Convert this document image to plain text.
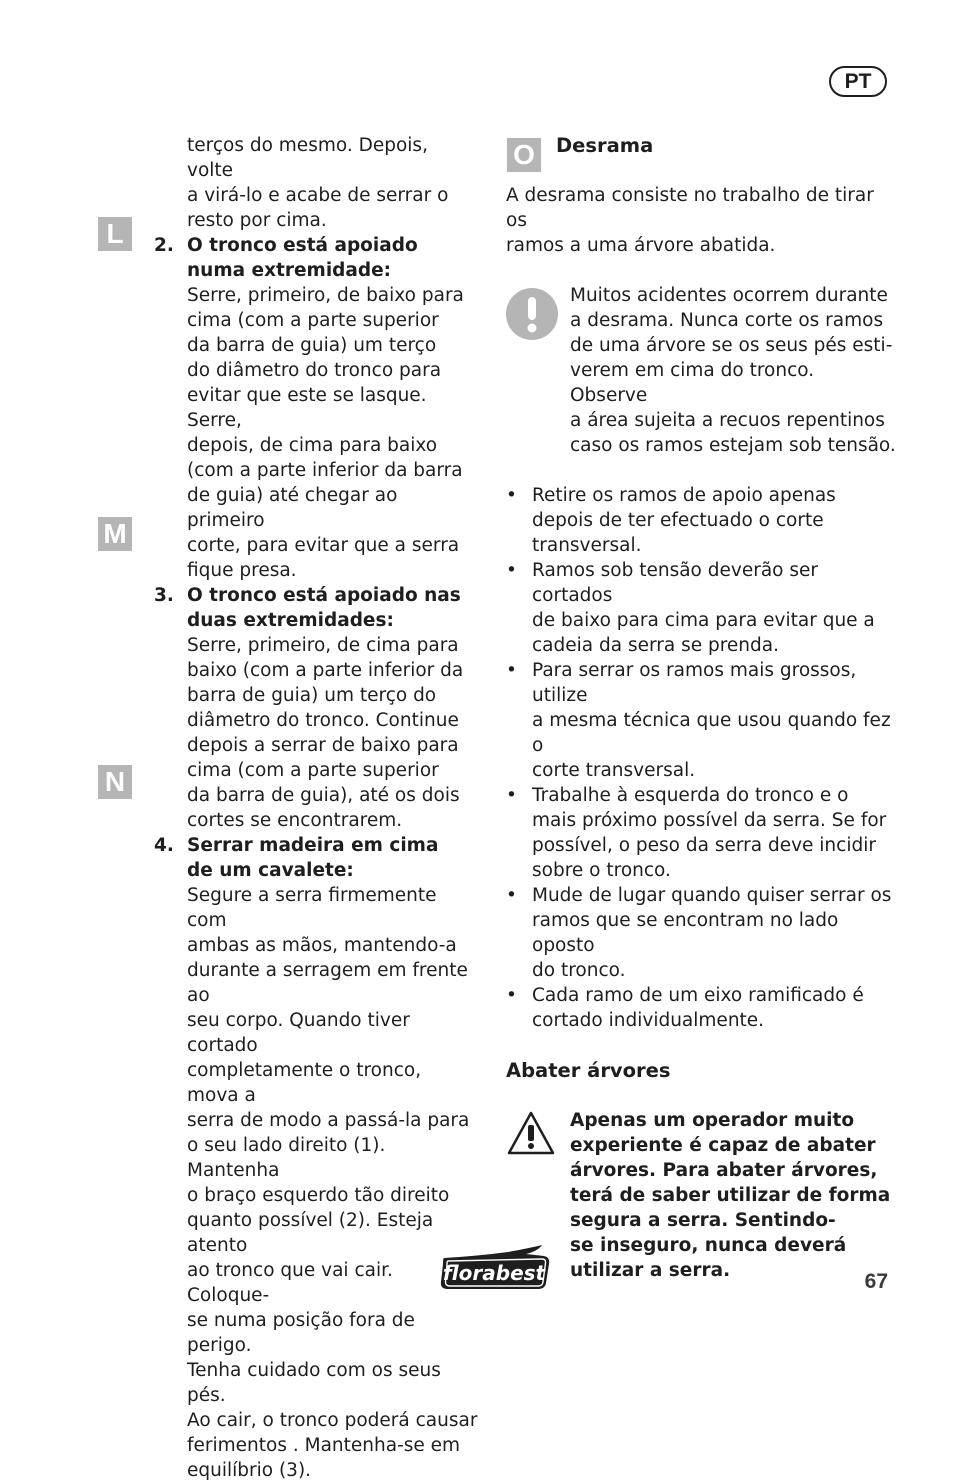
PT
L
M
N
O

terços do mesmo. Depois, volte

a virá-lo e acabe de serrar o

resto por cima.

2. O tronco está apoiado

numa extremidade:

Serre, primeiro, de baixo para

cima (com a parte superior

da barra de guia) um terço

do diâmetro do tronco para

evitar que este se lasque. Serre,

depois, de cima para baixo

(com a parte inferior da barra

de guia) até chegar ao primeiro

corte, para evitar que a serra

fique presa.

3. O tronco está apoiado nas

duas extremidades:

Serre, primeiro, de cima para

baixo (com a parte inferior da

barra de guia) um terço do

diâmetro do tronco. Continue

depois a serrar de baixo para

cima (com a parte superior

da barra de guia), até os dois

cortes se encontrarem.

4. Serrar madeira em cima

de um cavalete:

Segure a serra firmemente com

ambas as mãos, mantendo-a

durante a serragem em frente ao

seu corpo. Quando tiver cortado

completamente o tronco, mova a

serra de modo a passá-la para

o seu lado direito (1). Mantenha

o braço esquerdo tão direito

quanto possível (2). Esteja atento

ao tronco que vai cair. Coloque-

se numa posição fora de perigo.

Tenha cuidado com os seus pés.

Ao cair, o tronco poderá causar

ferimentos . Mantenha-se em

equilíbrio (3).

Desrama

A desrama consiste no trabalho de tirar os

ramos a uma árvore abatida.

Muitos acidentes ocorrem durante

a desrama. Nunca corte os ramos

de uma árvore se os seus pés esti-

verem em cima do tronco. Observe

a área sujeita a recuos repentinos

caso os ramos estejam sob tensão.

• Retire os ramos de apoio apenas

depois de ter efectuado o corte

transversal.

• Ramos sob tensão deverão ser cortados

de baixo para cima para evitar que a

cadeia da serra se prenda.

• Para serrar os ramos mais grossos, utilize

a mesma técnica que usou quando fez o

corte transversal.

• Trabalhe à esquerda do tronco e o

mais próximo possível da serra. Se for

possível, o peso da serra deve incidir

sobre o tronco.

• Mude de lugar quando quiser serrar os

ramos que se encontram no lado oposto

do tronco.

• Cada ramo de um eixo ramificado é

cortado individualmente.

Abater árvores

Apenas um operador muito

experiente é capaz de abater

árvores. Para abater árvores,

terá de saber utilizar de forma

segura a serra. Sentindo-

se inseguro, nunca deverá

utilizar a serra.

florabest	67
